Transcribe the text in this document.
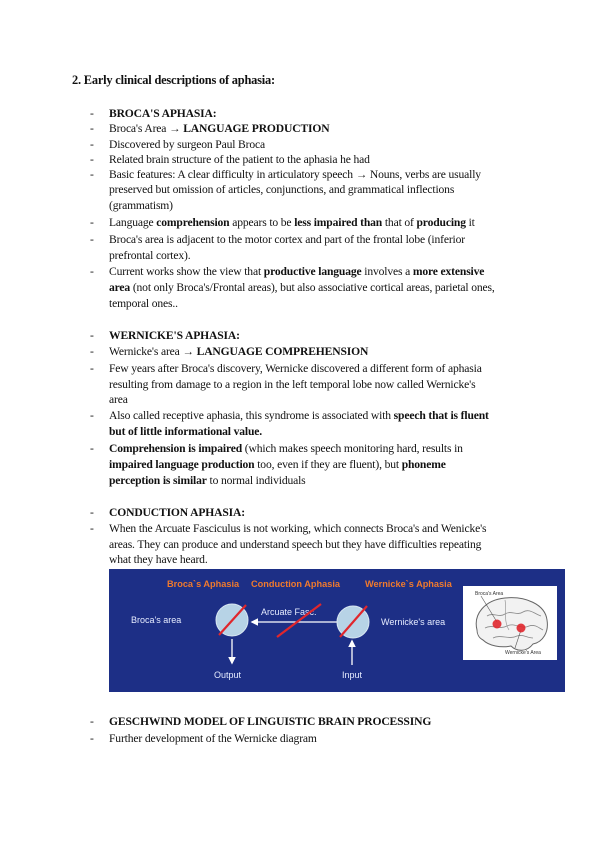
2. Early clinical descriptions of aphasia:
- BROCA'S APHASIA:
- Broca's Area → LANGUAGE PRODUCTION
- Discovered by surgeon Paul Broca
- Related brain structure of the patient to the aphasia he had
- Basic features: A clear difficulty in articulatory speech → Nouns, verbs are usually
preserved but omission of articles, conjunctions, and grammatical inflections
(grammatism)
- Language comprehension appears to be less impaired than that of producing it
- Broca's area is adjacent to the motor cortex and part of the frontal lobe (inferior
prefrontal cortex).
- Current works show the view that productive language involves a more extensive
area (not only Broca's/Frontal areas), but also associative cortical areas, parietal ones,
temporal ones..
- WERNICKE'S APHASIA:
- Wernicke's area → LANGUAGE COMPREHENSION
- Few years after Broca's discovery, Wernicke discovered a different form of aphasia
resulting from damage to a region in the left temporal lobe now called Wernicke's
area
- Also called receptive aphasia, this syndrome is associated with speech that is fluent
but of little informational value.
- Comprehension is impaired (which makes speech monitoring hard, results in
impaired language production too, even if they are fluent), but phoneme
perception is similar to normal individuals
- CONDUCTION APHASIA:
- When the Arcuate Fasciculus is not working, which connects Broca's and Wenicke's
areas. They can produce and understand speech but they have difficulties repeating
what they have heard.
Broca`s Aphasia Conduction Aphasia	Wernicke`s Aphasia
Broca's area
Arcuate Fasc.
Wernicke's area
Output	Input
Broca's Area
Wernicke's Area
- GESCHWIND MODEL OF LINGUISTIC BRAIN PROCESSING
- Further development of the Wernicke diagram
